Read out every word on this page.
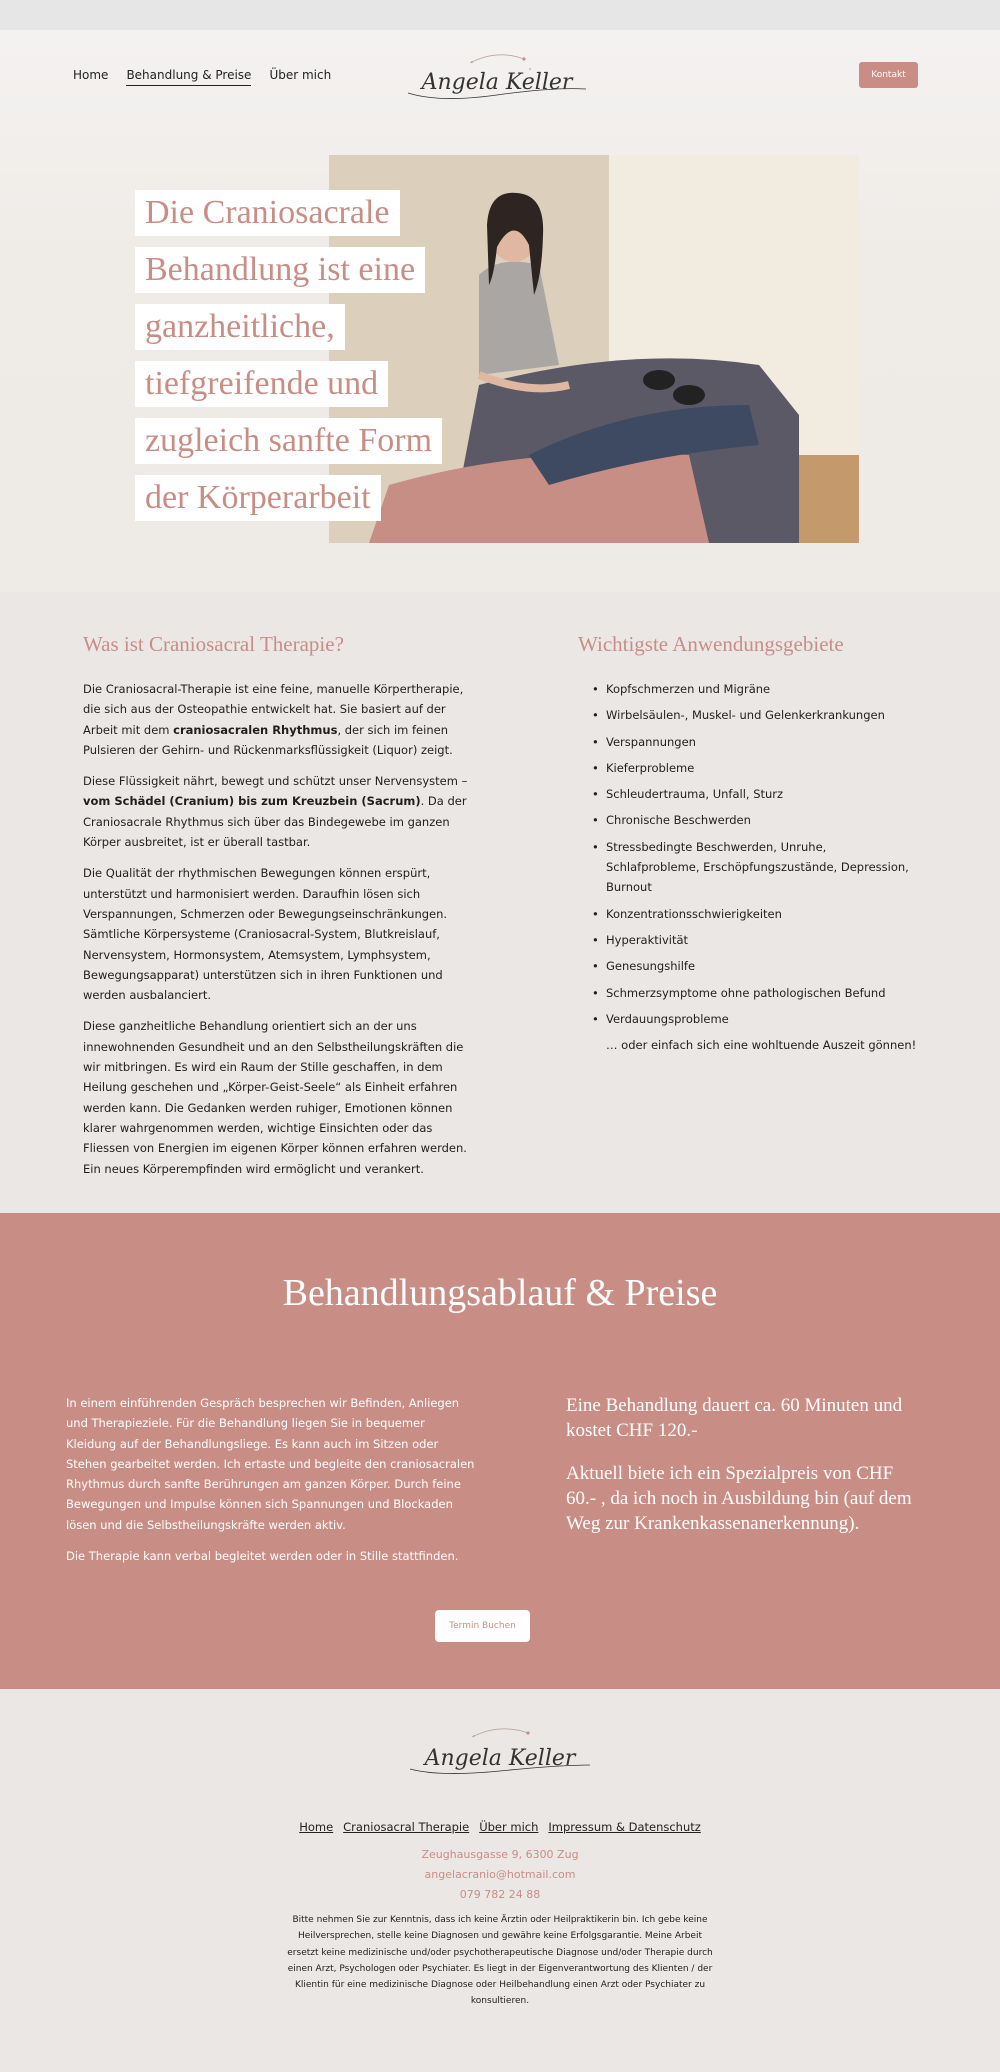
Home Behandlung & Preise Über mich	Angela Keller	Kontakt
Die Craniosacrale
Behandlung ist eine
ganzheitliche,
tiefgreifende und
zugleich sanfte Form
der Körperarbeit
Was ist Craniosacral Therapie?

Die Craniosacral-Therapie ist eine feine, manuelle Körpertherapie, die sich aus der Osteopathie entwickelt hat. Sie basiert auf der Arbeit mit dem craniosacralen Rhythmus, der sich im feinen Pulsieren der Gehirn- und Rückenmarksflüssigkeit (Liquor) zeigt.

Diese Flüssigkeit nährt, bewegt und schützt unser Nervensystem – vom Schädel (Cranium) bis zum Kreuzbein (Sacrum). Da der Craniosacrale Rhythmus sich über das Bindegewebe im ganzen Körper ausbreitet, ist er überall tastbar.

Die Qualität der rhythmischen Bewegungen können erspürt, unterstützt und harmonisiert werden. Daraufhin lösen sich Verspannungen, Schmerzen oder Bewegungseinschränkungen. Sämtliche Körpersysteme (Craniosacral-System, Blutkreislauf, Nervensystem, Hormonsystem, Atemsystem, Lymphsystem, Bewegungsapparat) unterstützen sich in ihren Funktionen und werden ausbalanciert.

Diese ganzheitliche Behandlung orientiert sich an der uns innewohnenden Gesundheit und an den Selbstheilungskräften die wir mitbringen. Es wird ein Raum der Stille geschaffen, in dem Heilung geschehen und „Körper-Geist-Seele“ als Einheit erfahren werden kann. Die Gedanken werden ruhiger, Emotionen können klarer wahrgenommen werden, wichtige Einsichten oder das Fliessen von Energien im eigenen Körper können erfahren werden. Ein neues Körperempfinden wird ermöglicht und verankert.

Wichtigste Anwendungsgebiete
• Kopfschmerzen und Migräne
• Wirbelsäulen-, Muskel- und Gelenkerkrankungen
• Verspannungen
• Kieferprobleme
• Schleudertrauma, Unfall, Sturz
• Chronische Beschwerden
• Stressbedingte Beschwerden, Unruhe, Schlafprobleme, Erschöpfungszustände, Depression, Burnout
• Konzentrationsschwierigkeiten
• Hyperaktivität
• Genesungshilfe
• Schmerzsymptome ohne pathologischen Befund
• Verdauungsprobleme

… oder einfach sich eine wohltuende Auszeit gönnen!

Behandlungsablauf & Preise

In einem einführenden Gespräch besprechen wir Befinden, Anliegen und Therapieziele. Für die Behandlung liegen Sie in bequemer Kleidung auf der Behandlungsliege. Es kann auch im Sitzen oder Stehen gearbeitet werden. Ich ertaste und begleite den craniosacralen Rhythmus durch sanfte Berührungen am ganzen Körper. Durch feine Bewegungen und Impulse können sich Spannungen und Blockaden lösen und die Selbstheilungskräfte werden aktiv.

Die Therapie kann verbal begleitet werden oder in Stille stattfinden.

Eine Behandlung dauert ca. 60 Minuten und kostet CHF 120.-

Aktuell biete ich ein Spezialpreis von CHF 60.- , da ich noch in Ausbildung bin (auf dem Weg zur Krankenkassenanerkennung).

Termin Buchen
Angela Keller
Home Craniosacral Therapie Über mich Impressum & Datenschutz
Zeughausgasse 9, 6300 Zug
angelacranio@hotmail.com
079 782 24 88

Bitte nehmen Sie zur Kenntnis, dass ich keine Ärztin oder Heilpraktikerin bin. Ich gebe keine Heilversprechen, stelle keine Diagnosen und gewähre keine Erfolgsgarantie. Meine Arbeit ersetzt keine medizinische und/oder psychotherapeutische Diagnose und/oder Therapie durch einen Arzt, Psychologen oder Psychiater. Es liegt in der Eigenverantwortung des Klienten / der Klientin für eine medizinische Diagnose oder Heilbehandlung einen Arzt oder Psychiater zu konsultieren.
